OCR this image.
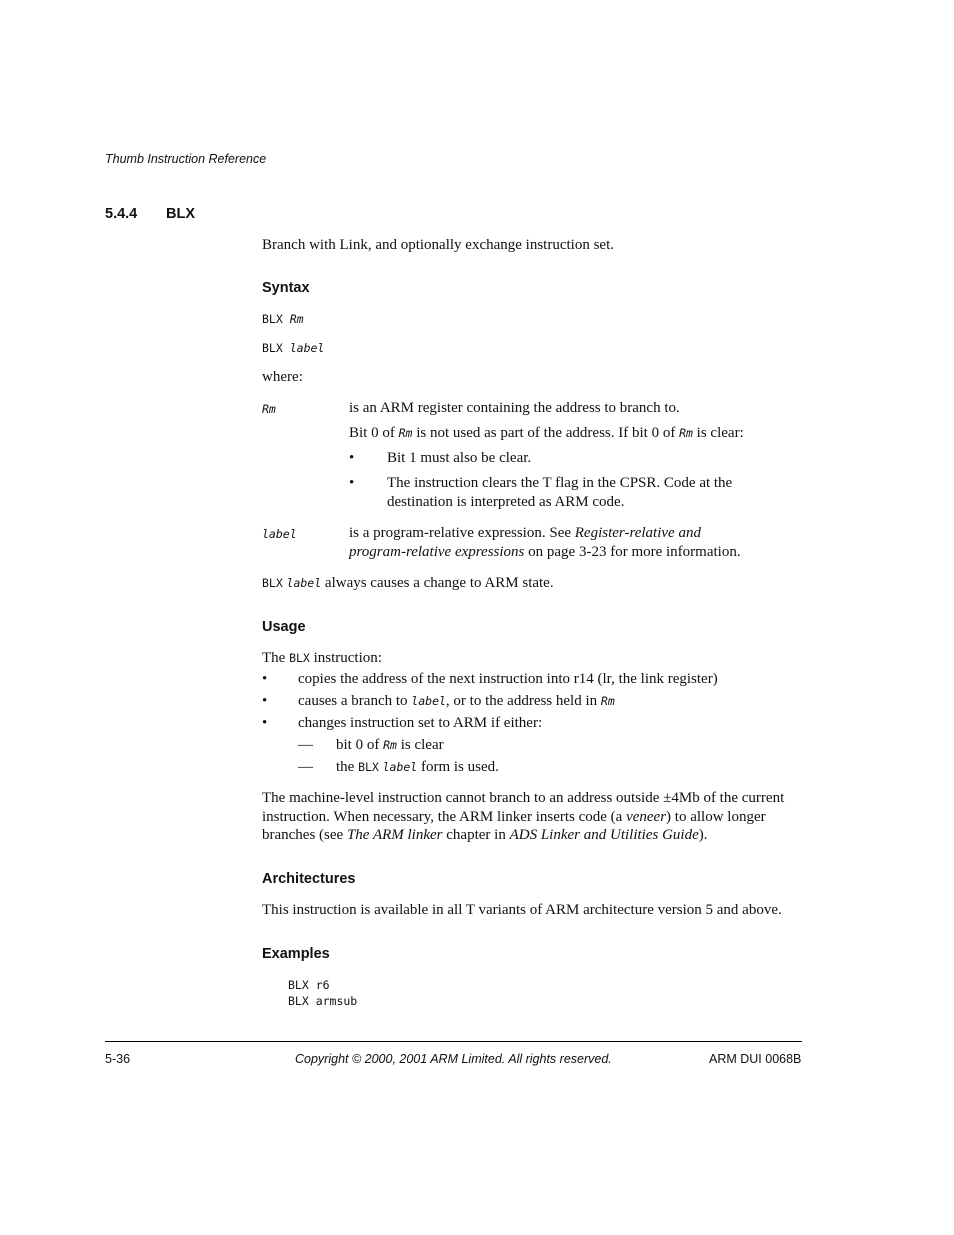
Thumb Instruction Reference
5.4.4 BLX
Branch with Link, and optionally exchange instruction set.
Syntax
BLX Rm
BLX label
where:
Rm	is an ARM register containing the address to branch to.
Bit 0 of Rm is not used as part of the address. If bit 0 of Rm is clear:
• Bit 1 must also be clear.
• The instruction clears the T flag in the CPSR. Code at the
destination is interpreted as ARM code.
label	is a program-relative expression. See Register-relative and
program-relative expressions on page 3-23 for more information.
BLX label always causes a change to ARM state.
Usage
The BLX instruction:
• copies the address of the next instruction into r14 (lr, the link register)
• causes a branch to label, or to the address held in Rm
• changes instruction set to ARM if either:
— bit 0 of Rm is clear
— the BLX label form is used.
The machine-level instruction cannot branch to an address outside ±4Mb of the current
instruction. When necessary, the ARM linker inserts code (a veneer) to allow longer
branches (see The ARM linker chapter in ADS Linker and Utilities Guide).
Architectures
This instruction is available in all T variants of ARM architecture version 5 and above.
Examples
BLX r6
BLX armsub
5-36	Copyright © 2000, 2001 ARM Limited. All rights reserved.	ARM DUI 0068B
